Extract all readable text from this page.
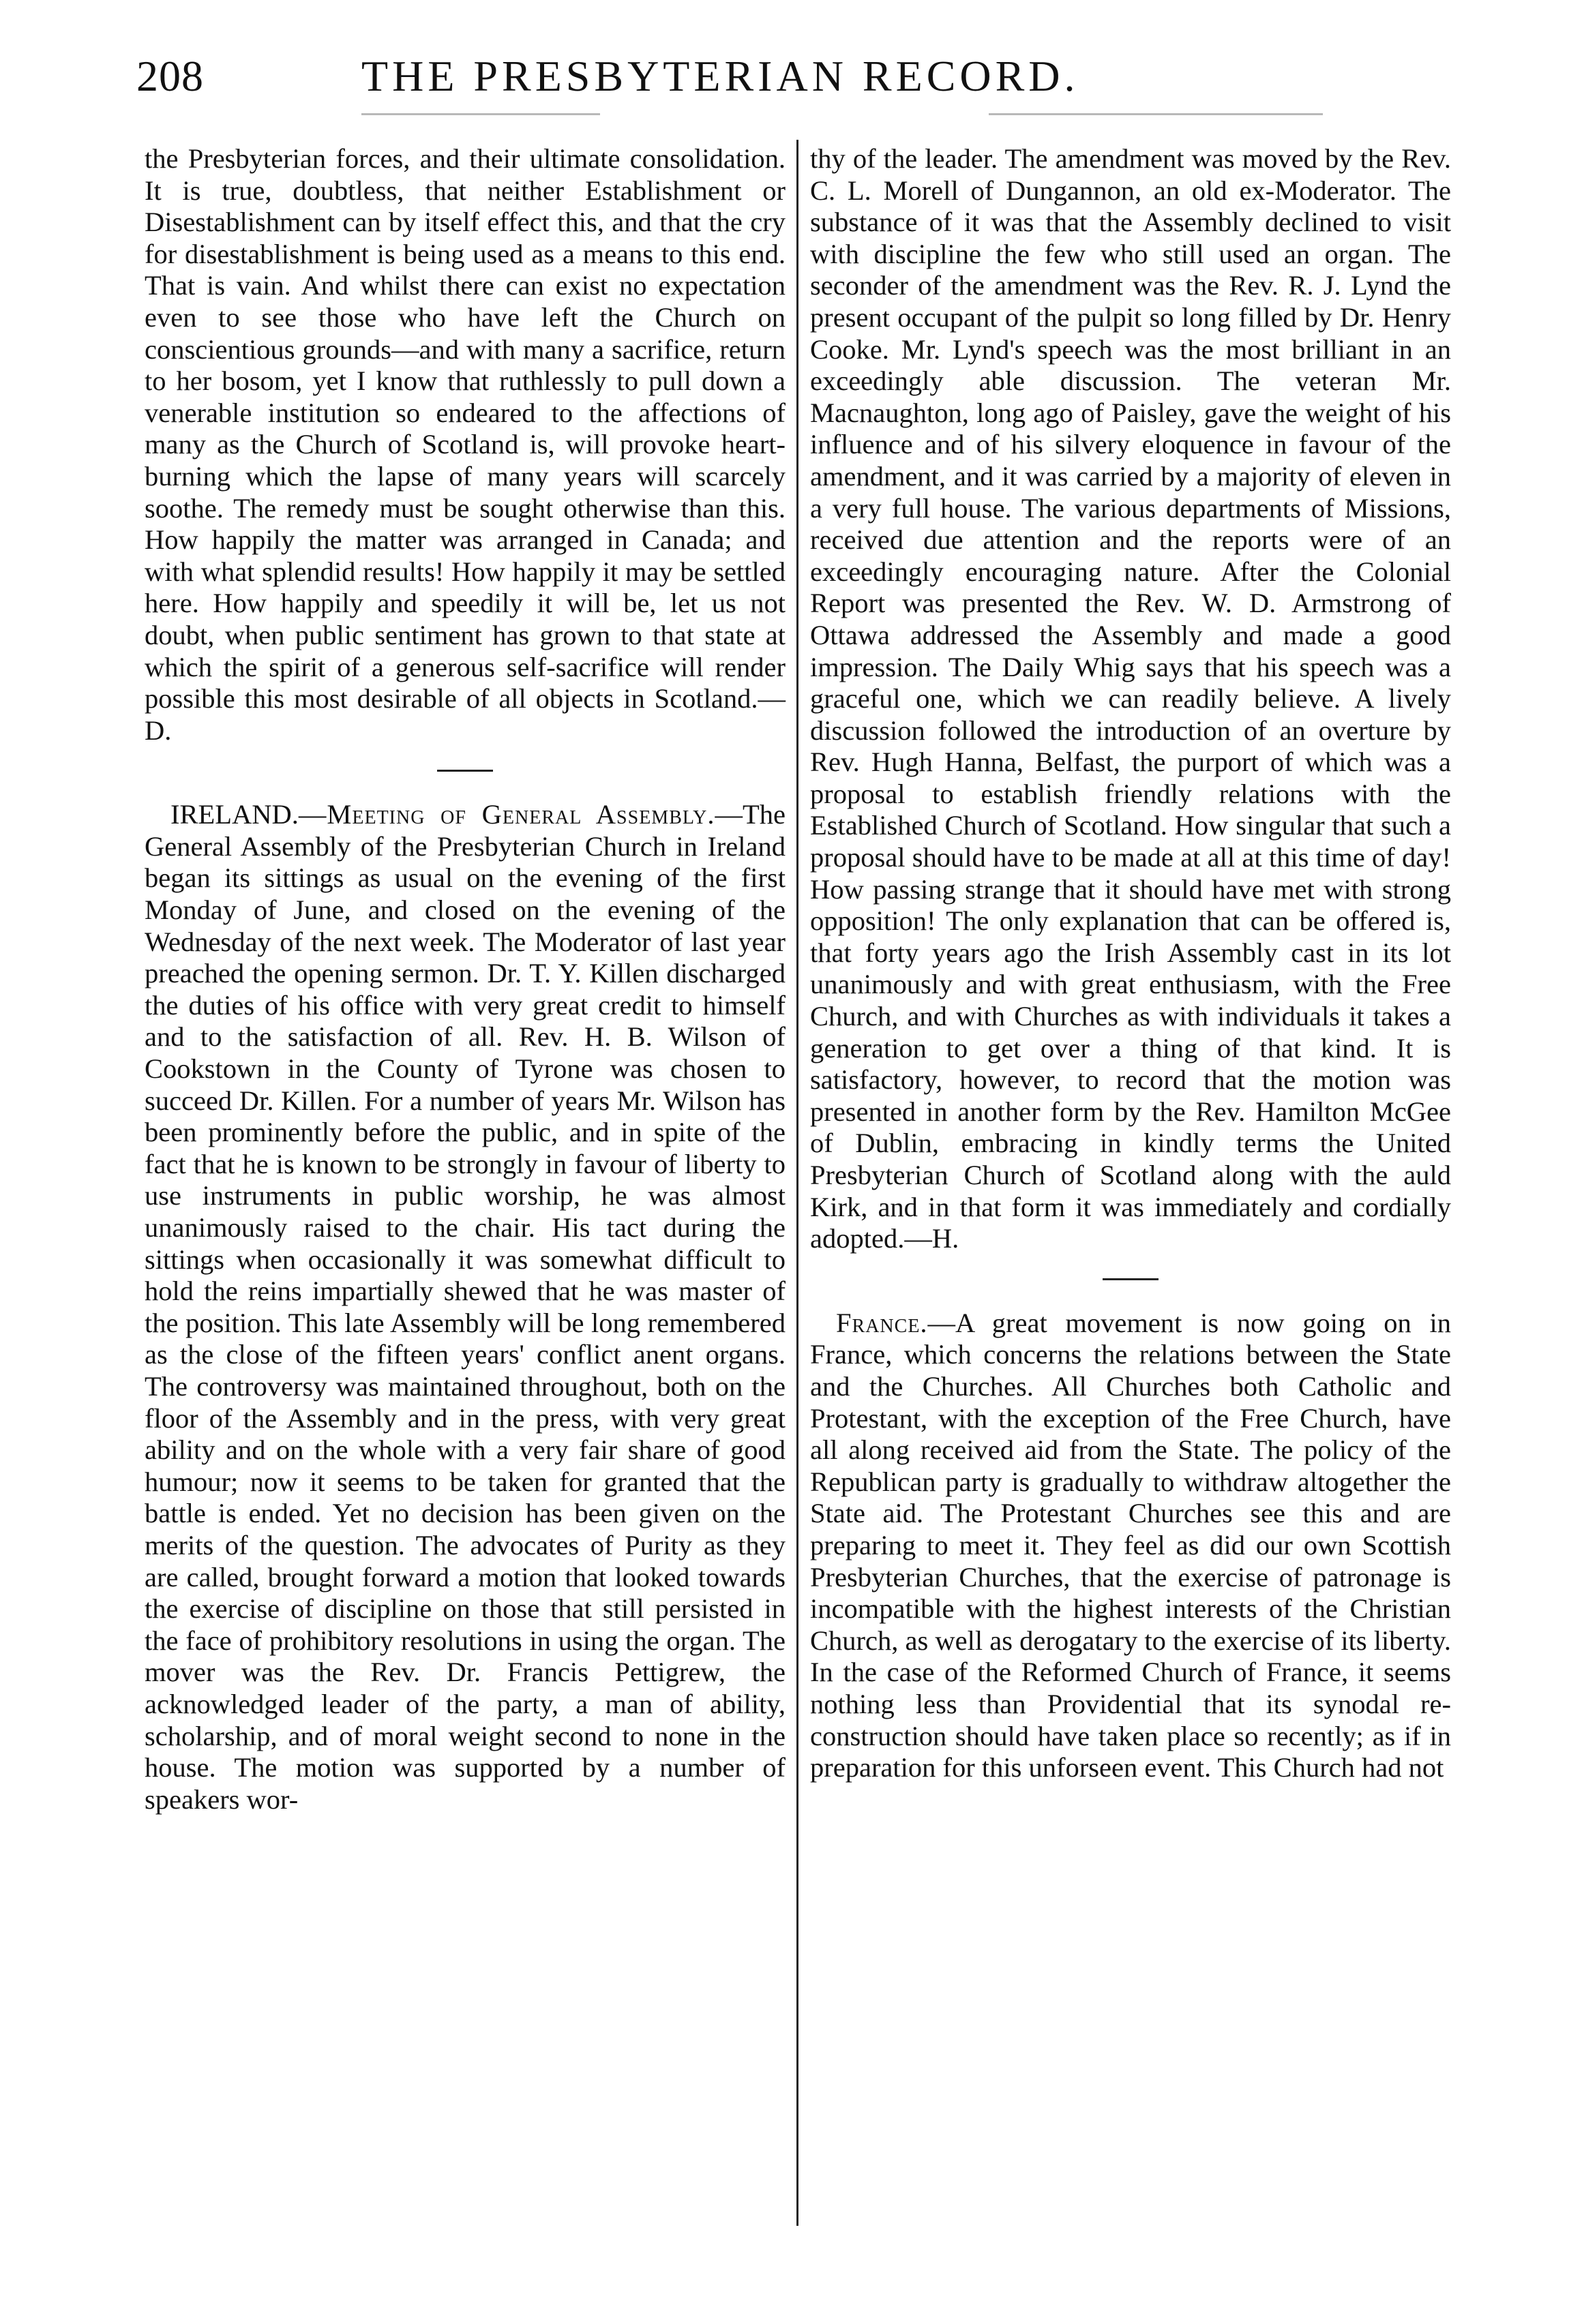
208	THE PRESBYTERIAN RECORD.

the Presbyterian forces, and their ultimate consolidation. It is true, doubtless, that neither Establishment or Disestablishment can by itself effect this, and that the cry for disestablishment is being used as a means to this end. That is vain. And whilst there can exist no expectation even to see those who have left the Church on conscientious grounds—and with many a sacrifice, return to her bosom, yet I know that ruthlessly to pull down a venerable institution so endeared to the affections of many as the Church of Scotland is, will provoke heart-burning which the lapse of many years will scarcely soothe. The remedy must be sought otherwise than this. How happily the matter was arranged in Canada; and with what splendid results! How happily it may be settled here. How happily and speedily it will be, let us not doubt, when public sentiment has grown to that state at which the spirit of a generous self-sacrifice will render possible this most desirable of all objects in Scotland.—D.

IRELAND.—Meeting of General Assembly.—The General Assembly of the Presbyterian Church in Ireland began its sittings as usual on the evening of the first Monday of June, and closed on the evening of the Wednesday of the next week. The Moderator of last year preached the opening sermon. Dr. T. Y. Killen discharged the duties of his office with very great credit to himself and to the satisfaction of all. Rev. H. B. Wilson of Cookstown in the County of Tyrone was chosen to succeed Dr. Killen. For a number of years Mr. Wilson has been prominently before the public, and in spite of the fact that he is known to be strongly in favour of liberty to use instruments in public worship, he was almost unanimously raised to the chair. His tact during the sittings when occasionally it was somewhat difficult to hold the reins impartially shewed that he was master of the position. This late Assembly will be long remembered as the close of the fifteen years' conflict anent organs. The controversy was maintained throughout, both on the floor of the Assembly and in the press, with very great ability and on the whole with a very fair share of good humour; now it seems to be taken for granted that the battle is ended. Yet no decision has been given on the merits of the question. The advocates of Purity as they are called, brought forward a motion that looked towards the exercise of discipline on those that still persisted in the face of prohibitory resolutions in using the organ. The mover was the Rev. Dr. Francis Pettigrew, the acknowledged leader of the party, a man of ability, scholarship, and of moral weight second to none in the house. The motion was supported by a number of speakers wor-

thy of the leader. The amendment was moved by the Rev. C. L. Morell of Dungannon, an old ex-Moderator. The substance of it was that the Assembly declined to visit with discipline the few who still used an organ. The seconder of the amendment was the Rev. R. J. Lynd the present occupant of the pulpit so long filled by Dr. Henry Cooke. Mr. Lynd's speech was the most brilliant in an exceedingly able discussion. The veteran Mr. Macnaughton, long ago of Paisley, gave the weight of his influence and of his silvery eloquence in favour of the amendment, and it was carried by a majority of eleven in a very full house. The various departments of Missions, received due attention and the reports were of an exceedingly encouraging nature. After the Colonial Report was presented the Rev. W. D. Armstrong of Ottawa addressed the Assembly and made a good impression. The Daily Whig says that his speech was a graceful one, which we can readily believe. A lively discussion followed the introduction of an overture by Rev. Hugh Hanna, Belfast, the purport of which was a proposal to establish friendly relations with the Established Church of Scotland. How singular that such a proposal should have to be made at all at this time of day! How passing strange that it should have met with strong opposition! The only explanation that can be offered is, that forty years ago the Irish Assembly cast in its lot unanimously and with great enthusiasm, with the Free Church, and with Churches as with individuals it takes a generation to get over a thing of that kind. It is satisfactory, however, to record that the motion was presented in another form by the Rev. Hamilton McGee of Dublin, embracing in kindly terms the United Presbyterian Church of Scotland along with the auld Kirk, and in that form it was immediately and cordially adopted.—H.

France.—A great movement is now going on in France, which concerns the relations between the State and the Churches. All Churches both Catholic and Protestant, with the exception of the Free Church, have all along received aid from the State. The policy of the Republican party is gradually to withdraw altogether the State aid. The Protestant Churches see this and are preparing to meet it. They feel as did our own Scottish Presbyterian Churches, that the exercise of patronage is incompatible with the highest interests of the Christian Church, as well as derogatary to the exercise of its liberty. In the case of the Reformed Church of France, it seems nothing less than Providential that its synodal re-construction should have taken place so recently; as if in preparation for this unforseen event. This Church had not
